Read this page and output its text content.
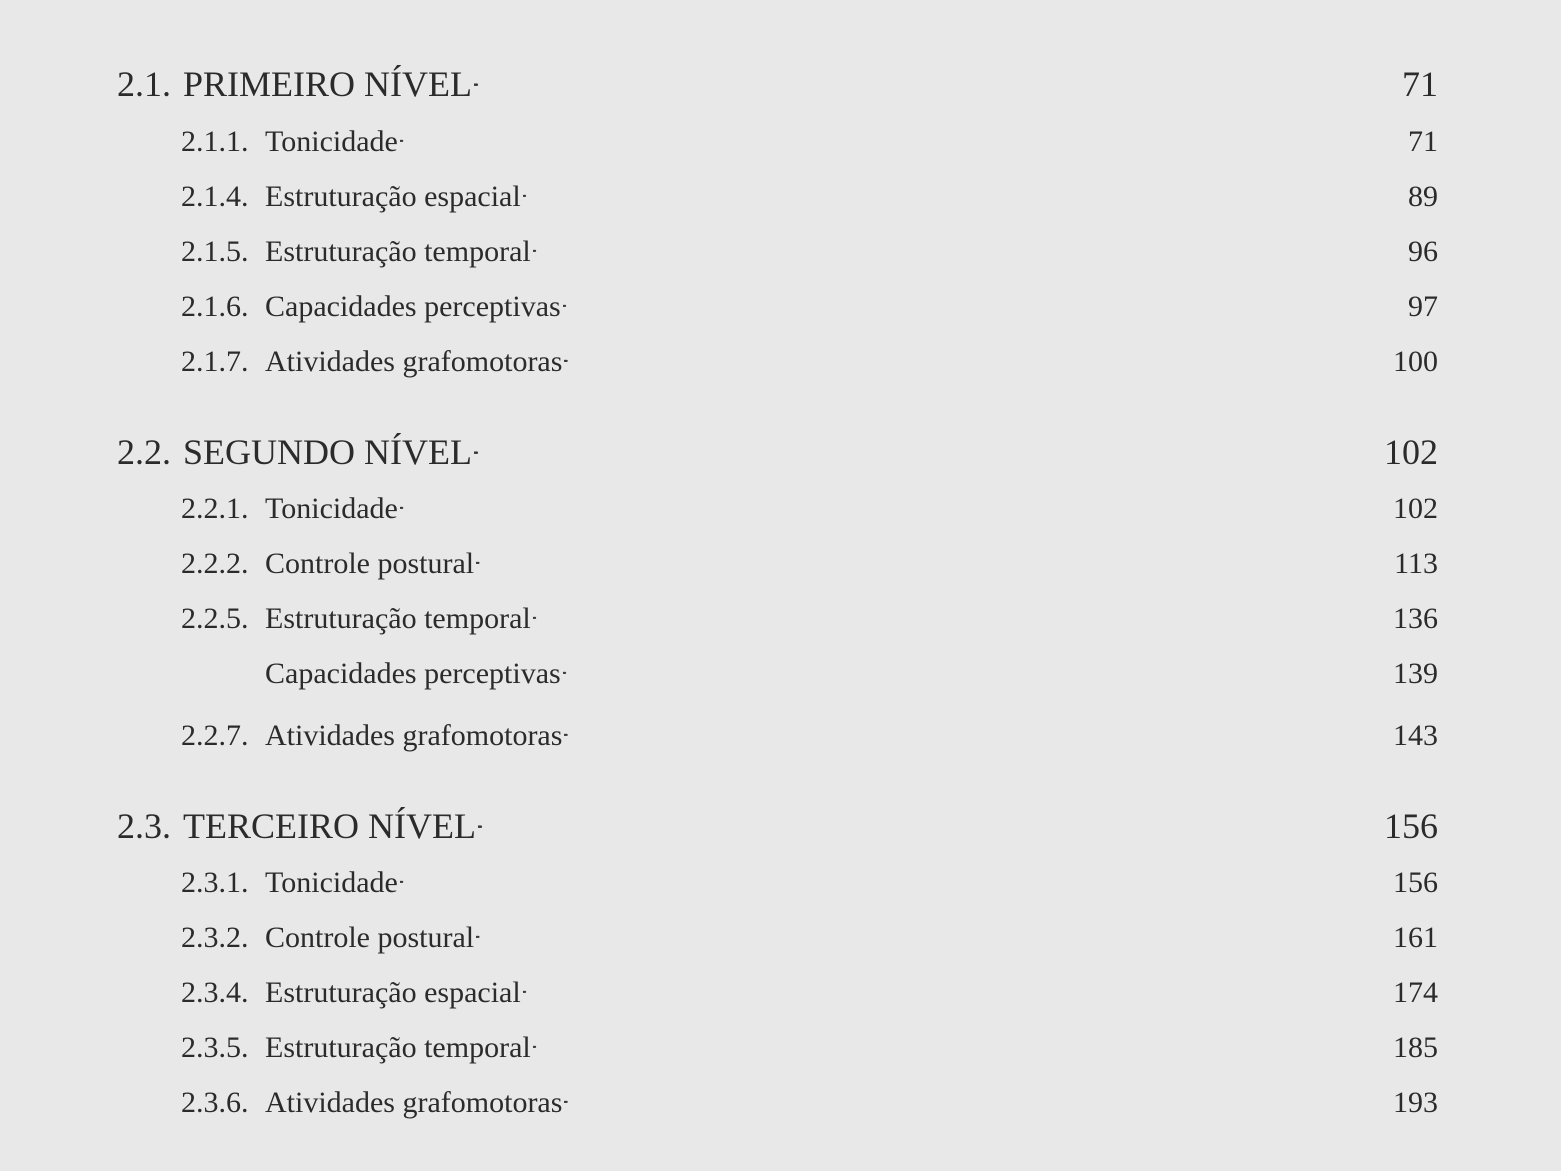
2.1. PRIMEIRO NÍVEL . . .	71
2.1.1. Tonicidade . . .	71
2.1.4. Estruturação espacial . . .	89
2.1.5. Estruturação temporal . . .	96
2.1.6. Capacidades perceptivas . . .	97
2.1.7. Atividades grafomotoras . . .	100
2.2. SEGUNDO NÍVEL . . .	102
2.2.1. Tonicidade . . .	102
2.2.2. Controle postural . . .	113
2.2.5. Estruturação temporal . . .	136
Capacidades perceptivas . . .	139
2.2.7. Atividades grafomotoras . . .	143
2.3. TERCEIRO NÍVEL . . .	156
2.3.1. Tonicidade . . .	156
2.3.2. Controle postural . . .	161
2.3.4. Estruturação espacial . . .	174
2.3.5. Estruturação temporal . . .	185
2.3.6. Atividades grafomotoras . . .	193
